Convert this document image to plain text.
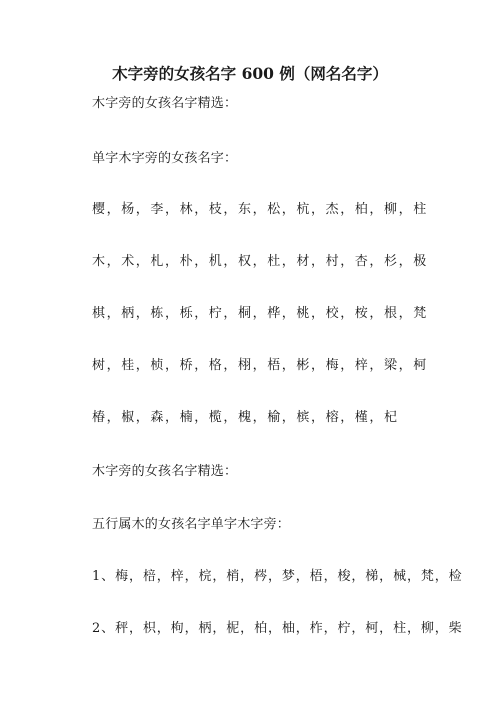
木字旁的女孩名字 600 例（网名名字）
木字旁的女孩名字精选：
单字木字旁的女孩名字：
樱，杨，李，林，枝，东，松，杭，杰，柏，柳，柱
木，术，札，朴，机，权，杜，材，村，杏，杉，极
棋，柄，栋，栎，柠，桐，桦，桃，校，桉，根，梵
树，桂，桢，桥，格，栩，梧，彬，梅，梓，梁，柯
椿，椒，森，楠，榄，槐，榆，槟，榕，槿，杞
木字旁的女孩名字精选：
五行属木的女孩名字单字木字旁：
1、梅，棓，梓，梡，梢，梣，梦，梧，梭，梯，械，梵，检
2、秤，枳，枸，柄，柅，柏，柚，柞，柠，柯，柱，柳，柴
